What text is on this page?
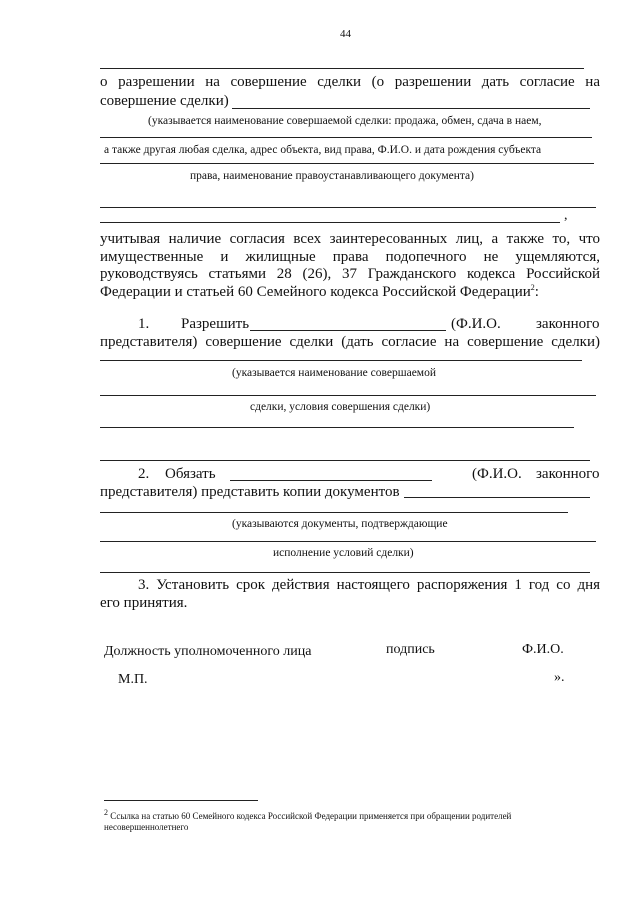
44
о разрешении на совершение сделки (о разрешении дать согласие на
совершение сделки)
(указывается наименование совершаемой сделки: продажа, обмен, сдача в наем,
а также другая любая сделка, адрес объекта, вид права, Ф.И.О. и дата рождения субъекта
права, наименование правоустанавливающего документа)
,
учитывая наличие согласия всех заинтересованных лиц, а также то, что
имущественные и жилищные права подопечного не ущемляются,
руководствуясь статьями 28 (26), 37 Гражданского кодекса Российской
Федерации и статьей 60 Семейного кодекса Российской Федерации$^2$:
1. Разрешить	(Ф.И.О. законного
представителя) совершение сделки (дать согласие на совершение сделки)
(указывается наименование совершаемой
сделки, условия совершения сделки)
2. Обязать	(Ф.И.О. законного
представителя) представить копии документов
(указываются документы, подтверждающие
исполнение условий сделки)
3. Установить срок действия настоящего распоряжения 1 год со дня
его принятия.
Должность уполномоченного лица	подпись	Ф.И.О.
М.П.	».
$^2$ Ссылка на статью 60 Семейного кодекса Российской Федерации применяется при обращении родителей
несовершеннолетнего
